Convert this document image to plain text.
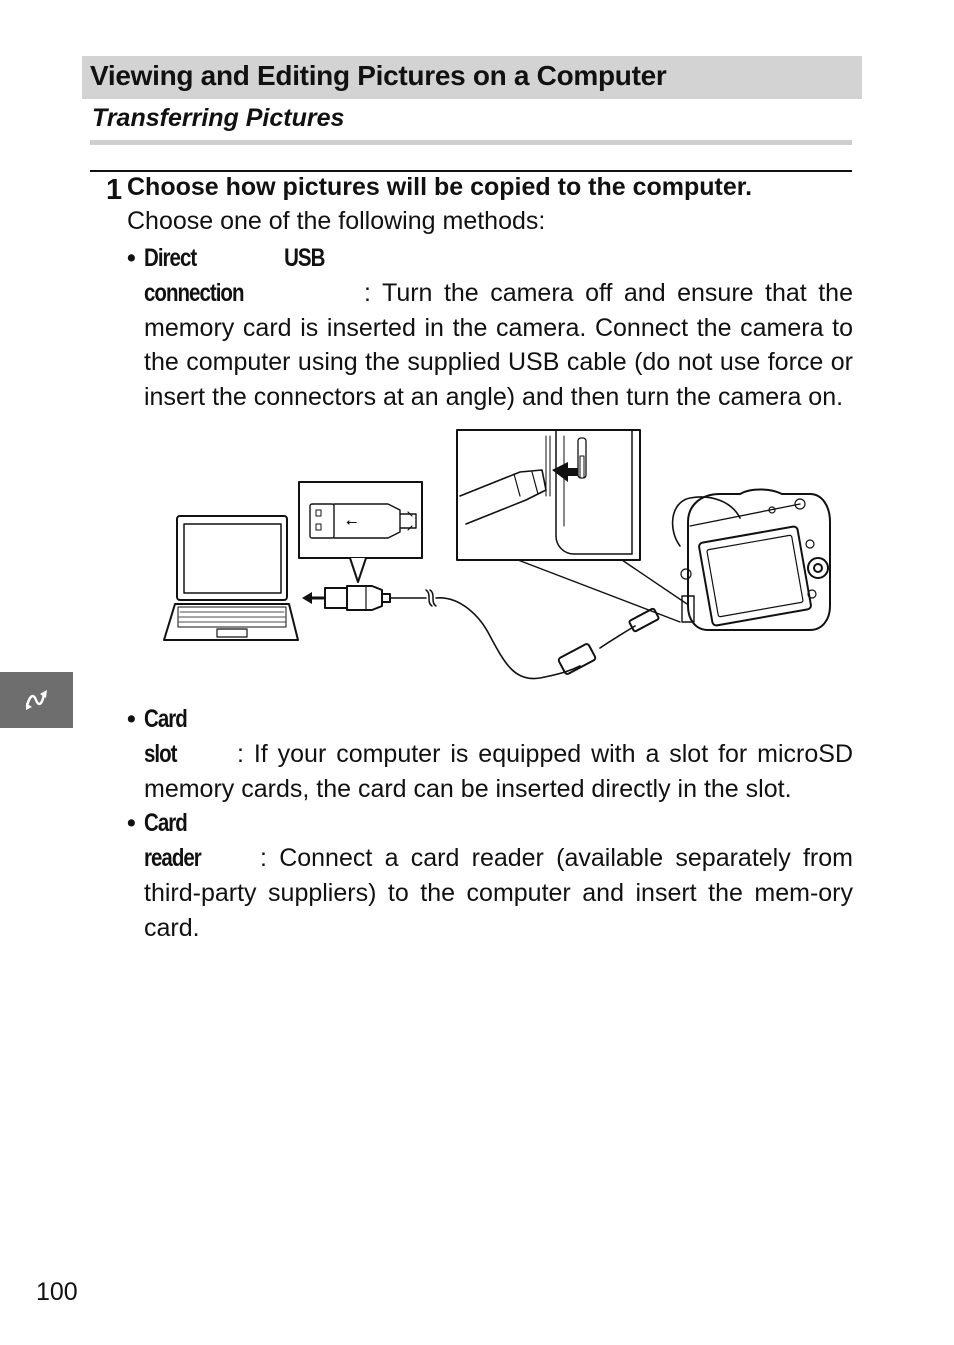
Viewing and Editing Pictures on a Computer
Transferring Pictures
1 Choose how pictures will be copied to the computer.
Choose one of the following methods:
• Direct USB connection	: Turn the camera off and ensure that the memory card is inserted in the camera. Connect the camera to the computer using the supplied USB cable (do not use force or insert the connectors at an angle) and then turn the camera on.
⭠
• Card slot : If your computer is equipped with a slot for microSD memory cards, the card can be inserted directly in the slot.
• Card reader : Connect a card reader (available separately from third-party suppliers) to the computer and insert the mem-ory card.
100
